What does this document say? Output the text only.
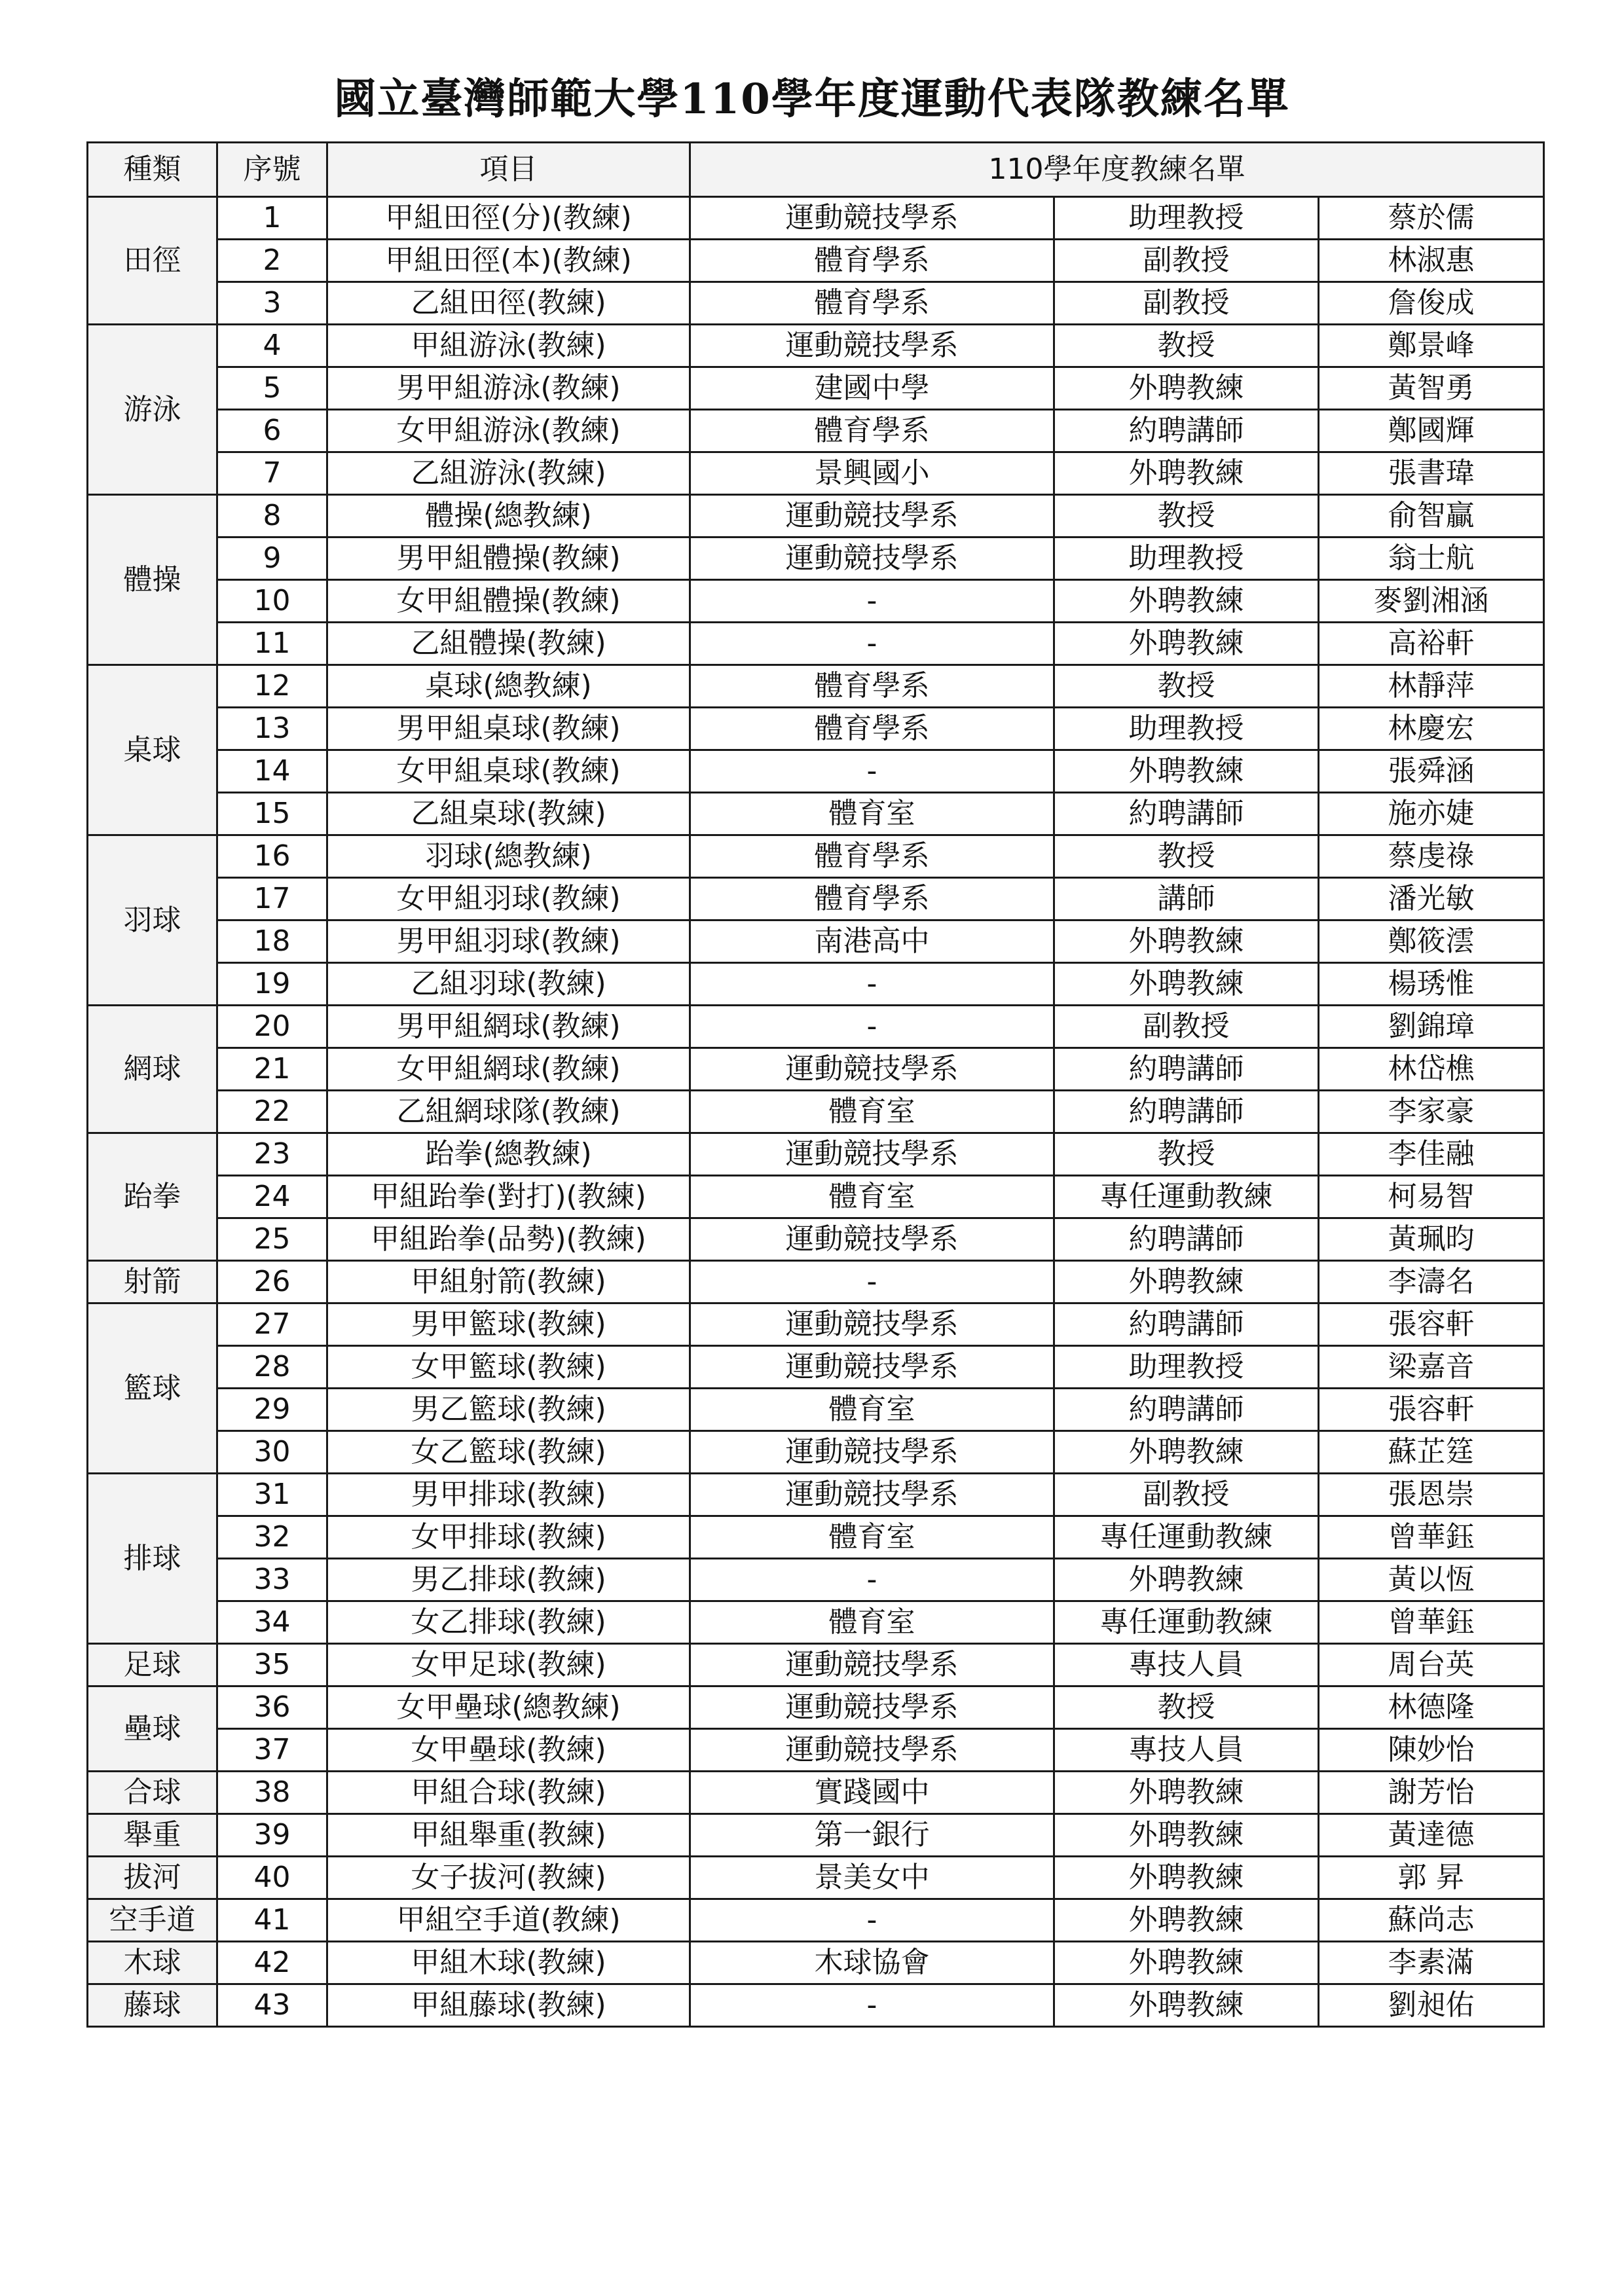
國立臺灣師範大學110學年度運動代表隊教練名單
種類	序號	項目	110學年度教練名單		
田徑	1	甲組田徑(分)(教練)	運動競技學系	助理教授	蔡於儒
	2	甲組田徑(本)(教練)	體育學系	副教授	林淑惠
	3	乙組田徑(教練)	體育學系	副教授	詹俊成
游泳	4	甲組游泳(教練)	運動競技學系	教授	鄭景峰
	5	男甲組游泳(教練)	建國中學	外聘教練	黃智勇
	6	女甲組游泳(教練)	體育學系	約聘講師	鄭國輝
	7	乙組游泳(教練)	景興國小	外聘教練	張書瑋
體操	8	體操(總教練)	運動競技學系	教授	俞智贏
	9	男甲組體操(教練)	運動競技學系	助理教授	翁士航
	10	女甲組體操(教練)	-	外聘教練	麥劉湘涵
	11	乙組體操(教練)	-	外聘教練	高裕軒
桌球	12	桌球(總教練)	體育學系	教授	林靜萍
	13	男甲組桌球(教練)	體育學系	助理教授	林慶宏
	14	女甲組桌球(教練)	-	外聘教練	張舜涵
	15	乙組桌球(教練)	體育室	約聘講師	施亦婕
羽球	16	羽球(總教練)	體育學系	教授	蔡虔祿
	17	女甲組羽球(教練)	體育學系	講師	潘光敏
	18	男甲組羽球(教練)	南港高中	外聘教練	鄭筱澐
	19	乙組羽球(教練)	-	外聘教練	楊琇惟
網球	20	男甲組網球(教練)	-	副教授	劉錦璋
	21	女甲組網球(教練)	運動競技學系	約聘講師	林岱樵
	22	乙組網球隊(教練)	體育室	約聘講師	李家豪
跆拳	23	跆拳(總教練)	運動競技學系	教授	李佳融
	24	甲組跆拳(對打)(教練)	體育室	專任運動教練	柯易智
	25	甲組跆拳(品勢)(教練)	運動競技學系	約聘講師	黃珮昀
射箭	26	甲組射箭(教練)	-	外聘教練	李濤名
籃球	27	男甲籃球(教練)	運動競技學系	約聘講師	張容軒
	28	女甲籃球(教練)	運動競技學系	助理教授	梁嘉音
	29	男乙籃球(教練)	體育室	約聘講師	張容軒
	30	女乙籃球(教練)	運動競技學系	外聘教練	蘇芷筳
排球	31	男甲排球(教練)	運動競技學系	副教授	張恩崇
	32	女甲排球(教練)	體育室	專任運動教練	曾華鈺
	33	男乙排球(教練)	-	外聘教練	黃以恆
	34	女乙排球(教練)	體育室	專任運動教練	曾華鈺
足球	35	女甲足球(教練)	運動競技學系	專技人員	周台英
壘球	36	女甲壘球(總教練)	運動競技學系	教授	林德隆
	37	女甲壘球(教練)	運動競技學系	專技人員	陳妙怡
合球	38	甲組合球(教練)	實踐國中	外聘教練	謝芳怡
舉重	39	甲組舉重(教練)	第一銀行	外聘教練	黃達德
拔河	40	女子拔河(教練)	景美女中	外聘教練	郭 昇
空手道	41	甲組空手道(教練)	-	外聘教練	蘇尚志
木球	42	甲組木球(教練)	木球協會	外聘教練	李素滿
藤球	43	甲組藤球(教練)	-	外聘教練	劉昶佑
